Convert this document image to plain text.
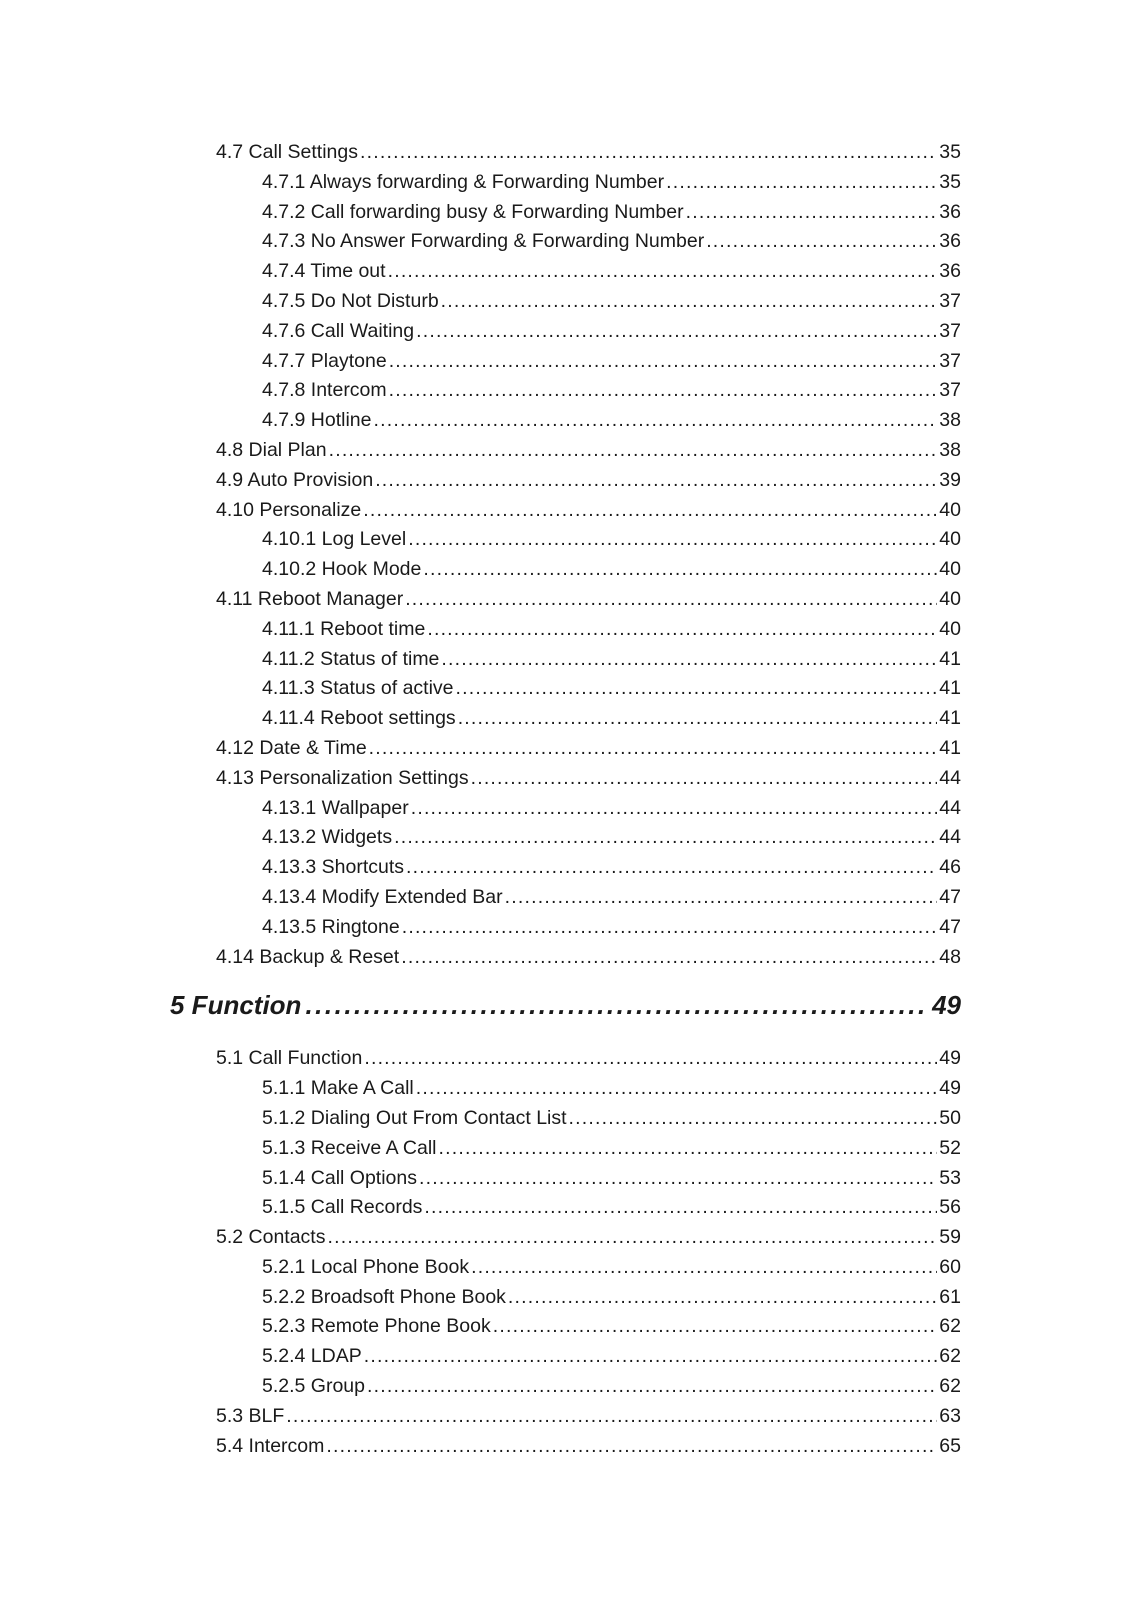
4.7 Call Settings .....	35
4.7.1 Always forwarding & Forwarding Number .....	35
4.7.2 Call forwarding busy & Forwarding Number .....	36
4.7.3 No Answer Forwarding & Forwarding Number .....	36
4.7.4 Time out .....	36
4.7.5 Do Not Disturb .....	37
4.7.6 Call Waiting .....	37
4.7.7 Playtone .....	37
4.7.8 Intercom .....	37
4.7.9 Hotline .....	38
4.8 Dial Plan .....	38
4.9 Auto Provision .....	39
4.10 Personalize .....	40
4.10.1 Log Level .....	40
4.10.2 Hook Mode .....	40
4.11 Reboot Manager .....	40
4.11.1 Reboot time .....	40
4.11.2 Status of time .....	41
4.11.3 Status of active .....	41
4.11.4 Reboot settings .....	41
4.12 Date & Time .....	41
4.13 Personalization Settings .....	44
4.13.1 Wallpaper .....	44
4.13.2 Widgets .....	44
4.13.3 Shortcuts .....	46
4.13.4 Modify Extended Bar .....	47
4.13.5 Ringtone .....	47
4.14 Backup & Reset .....	48
5 Function .....	49
5.1 Call Function .....	49
5.1.1 Make A Call .....	49
5.1.2 Dialing Out From Contact List .....	50
5.1.3 Receive A Call .....	52
5.1.4 Call Options .....	53
5.1.5 Call Records .....	56
5.2 Contacts .....	59
5.2.1 Local Phone Book .....	60
5.2.2 Broadsoft Phone Book .....	61
5.2.3 Remote Phone Book .....	62
5.2.4 LDAP .....	62
5.2.5 Group .....	62
5.3 BLF .....	63
5.4 Intercom .....	65
